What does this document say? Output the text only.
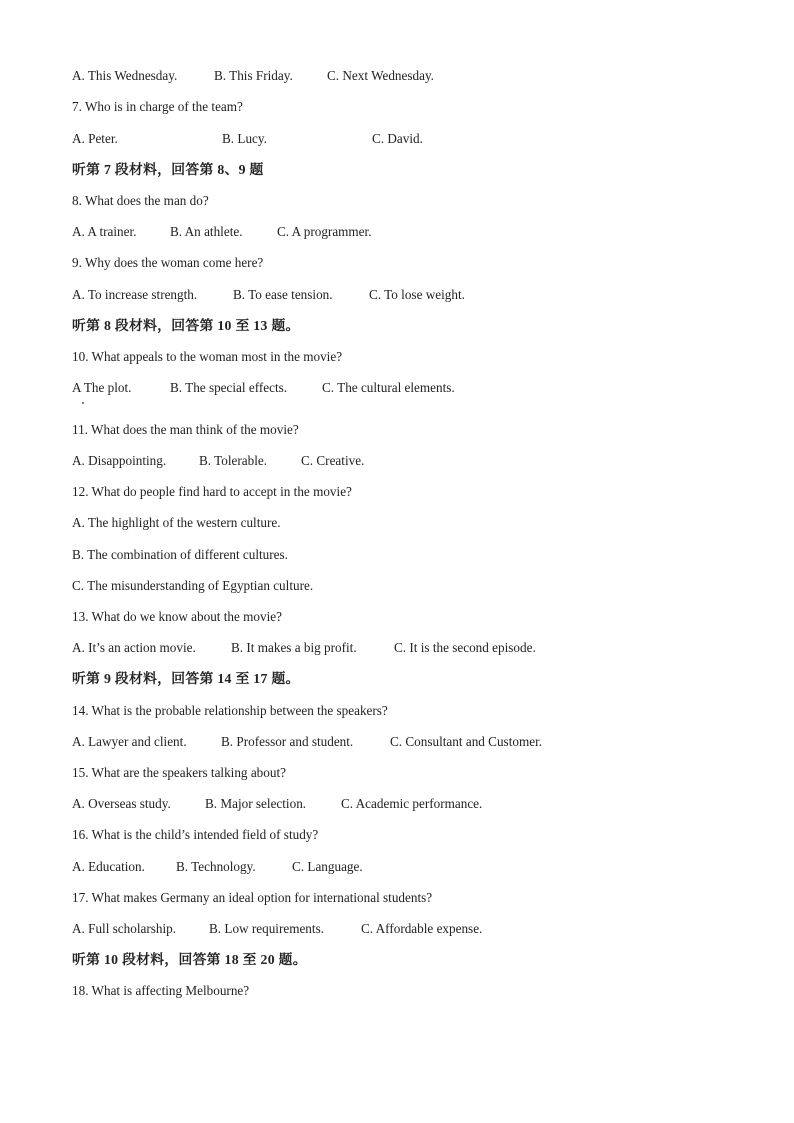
A. This Wednesday.	B. This Friday.	C. Next Wednesday.
7. Who is in charge of the team?
A. Peter.	B. Lucy.	C. David.
听第 7 段材料，回答第 8、9 题
8. What does the man do?
A. A trainer.	B. An athlete.	C. A programmer.
9. Why does the woman come here?
A. To increase strength.	B. To ease tension.	C. To lose weight.
听第 8 段材料，回答第 10 至 13 题。
10. What appeals to the woman most in the movie?
A The plot.	B. The special effects.	C. The cultural elements.
11. What does the man think of the movie?
A. Disappointing. B. Tolerable.	C. Creative.
12. What do people find hard to accept in the movie?
A. The highlight of the western culture.
B. The combination of different cultures.
C. The misunderstanding of Egyptian culture.
13. What do we know about the movie?
A. It’s an action movie.	B. It makes a big profit.	C. It is the second episode.
听第 9 段材料，回答第 14 至 17 题。
14. What is the probable relationship between the speakers?
A. Lawyer and client.	B. Professor and student.	C. Consultant and Customer.
15. What are the speakers talking about?
A. Overseas study.	B. Major selection.	C. Academic performance.
16. What is the child’s intended field of study?
A. Education. B. Technology.	C. Language.
17. What makes Germany an ideal option for international students?
A. Full scholarship. B. Low requirements.	C. Affordable expense.
听第 10 段材料，回答第 18 至 20 题。
18. What is affecting Melbourne?
